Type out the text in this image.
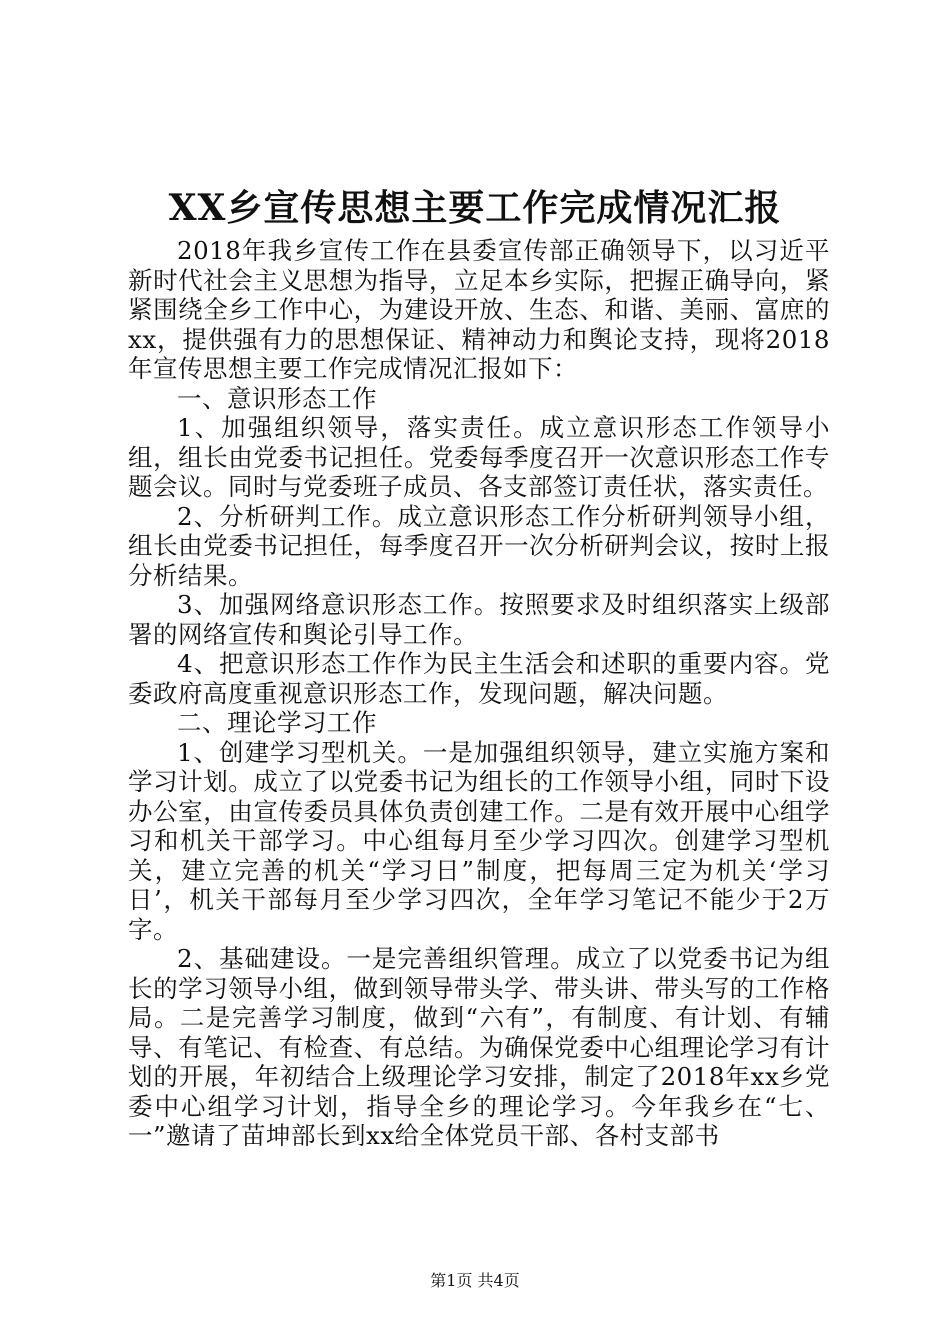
XX乡宣传思想主要工作完成情况汇报

2018年我乡宣传工作在县委宣传部正确领导下，以习近平新时代社会主义思想为指导，立足本乡实际，把握正确导向，紧紧围绕全乡工作中心，为建设开放、生态、和谐、美丽、富庶的xx，提供强有力的思想保证、精神动力和舆论支持，现将2018年宣传思想主要工作完成情况汇报如下：

一、意识形态工作

1、加强组织领导，落实责任。成立意识形态工作领导小组，组长由党委书记担任。党委每季度召开一次意识形态工作专题会议。同时与党委班子成员、各支部签订责任状，落实责任。

2、分析研判工作。成立意识形态工作分析研判领导小组，组长由党委书记担任，每季度召开一次分析研判会议，按时上报分析结果。

3、加强网络意识形态工作。按照要求及时组织落实上级部署的网络宣传和舆论引导工作。

4、把意识形态工作作为民主生活会和述职的重要内容。党委政府高度重视意识形态工作，发现问题，解决问题。

二、理论学习工作

1、创建学习型机关。一是加强组织领导，建立实施方案和学习计划。成立了以党委书记为组长的工作领导小组，同时下设办公室，由宣传委员具体负责创建工作。二是有效开展中心组学习和机关干部学习。中心组每月至少学习四次。创建学习型机关，建立完善的机关“学习日”制度，把每周三定为机关‘学习日’，机关干部每月至少学习四次，全年学习笔记不能少于2万字。

2、基础建设。一是完善组织管理。成立了以党委书记为组长的学习领导小组，做到领导带头学、带头讲、带头写的工作格局。二是完善学习制度，做到“六有”，有制度、有计划、有辅导、有笔记、有检查、有总结。为确保党委中心组理论学习有计划的开展，年初结合上级理论学习安排，制定了2018年xx乡党委中心组学习计划，指导全乡的理论学习。今年我乡在“七、一”邀请了苗坤部长到xx给全体党员干部、各村支部书

第1页 共4页
